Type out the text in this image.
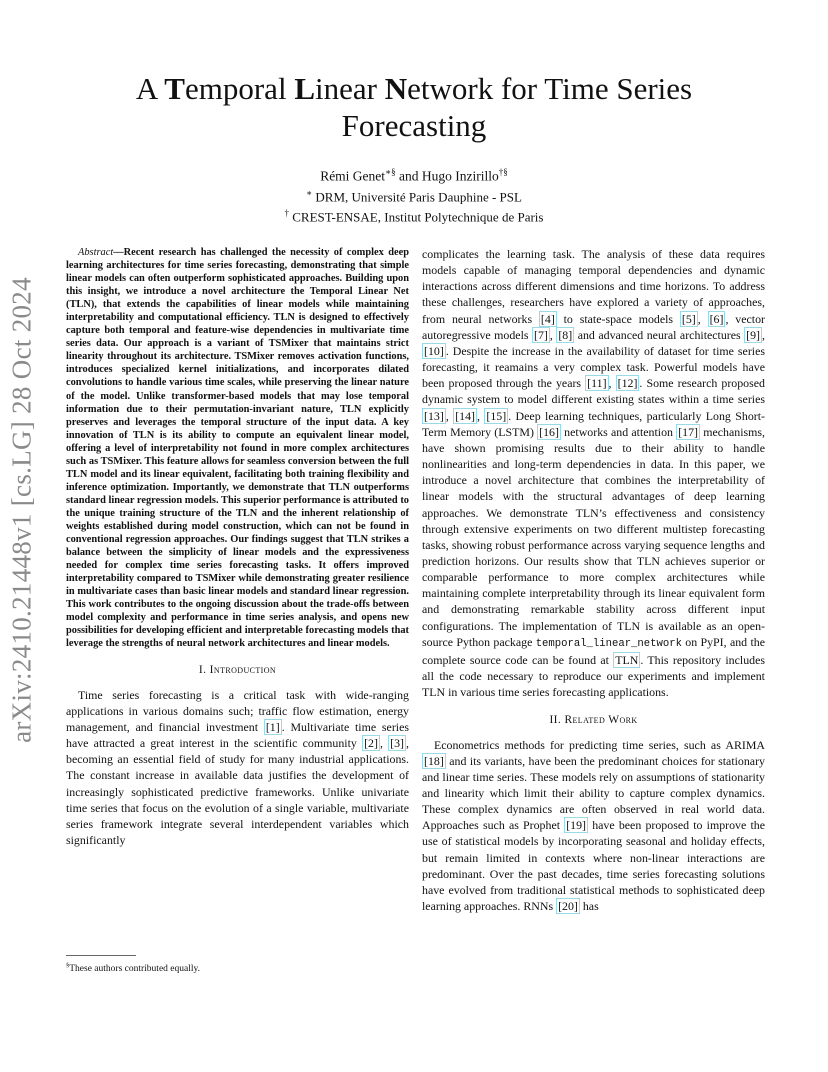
arXiv:2410.21448v1 [cs.LG] 28 Oct 2024
A Temporal Linear Network for Time Series
Forecasting
Rémi Genet∗§ and Hugo Inzirillo†§
∗ DRM, Université Paris Dauphine - PSL
† CREST-ENSAE, Institut Polytechnique de Paris

Abstract—Recent research has challenged the necessity of complex deep learning architectures for time series forecasting, demonstrating that simple linear models can often outperform sophisticated approaches. Building upon this insight, we introduce a novel architecture the Temporal Linear Net (TLN), that extends the capabilities of linear models while maintaining interpretability and computational efficiency. TLN is designed to effectively capture both temporal and feature-wise dependencies in multivariate time series data. Our approach is a variant of TSMixer that maintains strict linearity throughout its architecture. TSMixer removes activation functions, introduces specialized kernel initializations, and incorporates dilated convolutions to handle various time scales, while preserving the linear nature of the model. Unlike transformer-based models that may lose temporal information due to their permutation-invariant nature, TLN explicitly preserves and leverages the temporal structure of the input data. A key innovation of TLN is its ability to compute an equivalent linear model, offering a level of interpretability not found in more complex architectures such as TSMixer. This feature allows for seamless conversion between the full TLN model and its linear equivalent, facilitating both training flexibility and inference optimization. Importantly, we demonstrate that TLN outperforms standard linear regression models. This superior performance is attributed to the unique training structure of the TLN and the inherent relationship of weights established during model construction, which can not be found in conventional regression approaches. Our findings suggest that TLN strikes a balance between the simplicity of linear models and the expressiveness needed for complex time series forecasting tasks. It offers improved interpretability compared to TSMixer while demonstrating greater resilience in multivariate cases than basic linear models and standard linear regression. This work contributes to the ongoing discussion about the trade-offs between model complexity and performance in time series analysis, and opens new possibilities for developing efficient and interpretable forecasting models that leverage the strengths of neural network architectures and linear models.

I. Introduction

Time series forecasting is a critical task with wide-ranging applications in various domains such; traffic flow estimation, energy management, and financial investment [1] . Multivariate time series have attracted a great interest in the scientific community [2] , [3] , becoming an essential field of study for many industrial applications. The constant increase in available data justifies the development of increasingly sophisticated predictive frameworks. Unlike univariate time series that focus on the evolution of a single variable, multivariate series framework integrate several interdependent variables which significantly

complicates the learning task. The analysis of these data requires models capable of managing temporal dependencies and dynamic interactions across different dimensions and time horizons. To address these challenges, researchers have explored a variety of approaches, from neural networks [4] to state-space models [5] , [6] , vector autoregressive models [7] , [8] and advanced neural architectures [9] , [10] . Despite the increase in the availability of dataset for time series forecasting, it reamains a very complex task. Powerful models have been proposed through the years [11] , [12] . Some research proposed dynamic system to model different existing states within a time series [13] , [14] , [15] . Deep learning techniques, particularly Long Short-Term Memory (LSTM) [16] networks and attention [17] mechanisms, have shown promising results due to their ability to handle nonlinearities and long-term dependencies in data. In this paper, we introduce a novel architecture that combines the interpretability of linear models with the structural advantages of deep learning approaches. We demonstrate TLN’s effectiveness and consistency through extensive experiments on two different multistep forecasting tasks, showing robust performance across varying sequence lengths and prediction horizons. Our results show that TLN achieves superior or comparable performance to more complex architectures while maintaining complete interpretability through its linear equivalent form and demonstrating remarkable stability across different input configurations. The implementation of TLN is available as an open-source Python package temporal_linear_network on PyPI, and the complete source code can be found at TLN . This repository includes all the code necessary to reproduce our experiments and implement TLN in various time series forecasting applications.

II. Related Work

Econometrics methods for predicting time series, such as ARIMA [18] and its variants, have been the predominant choices for stationary and linear time series. These models rely on assumptions of stationarity and linearity which limit their ability to capture complex dynamics. These complex dynamics are often observed in real world data. Approaches such as Prophet [19] have been proposed to improve the use of statistical models by incorporating seasonal and holiday effects, but remain limited in contexts where non-linear interactions are predominant. Over the past decades, time series forecasting solutions have evolved from traditional statistical methods to sophisticated deep learning approaches. RNNs [20] has

§These authors contributed equally.
